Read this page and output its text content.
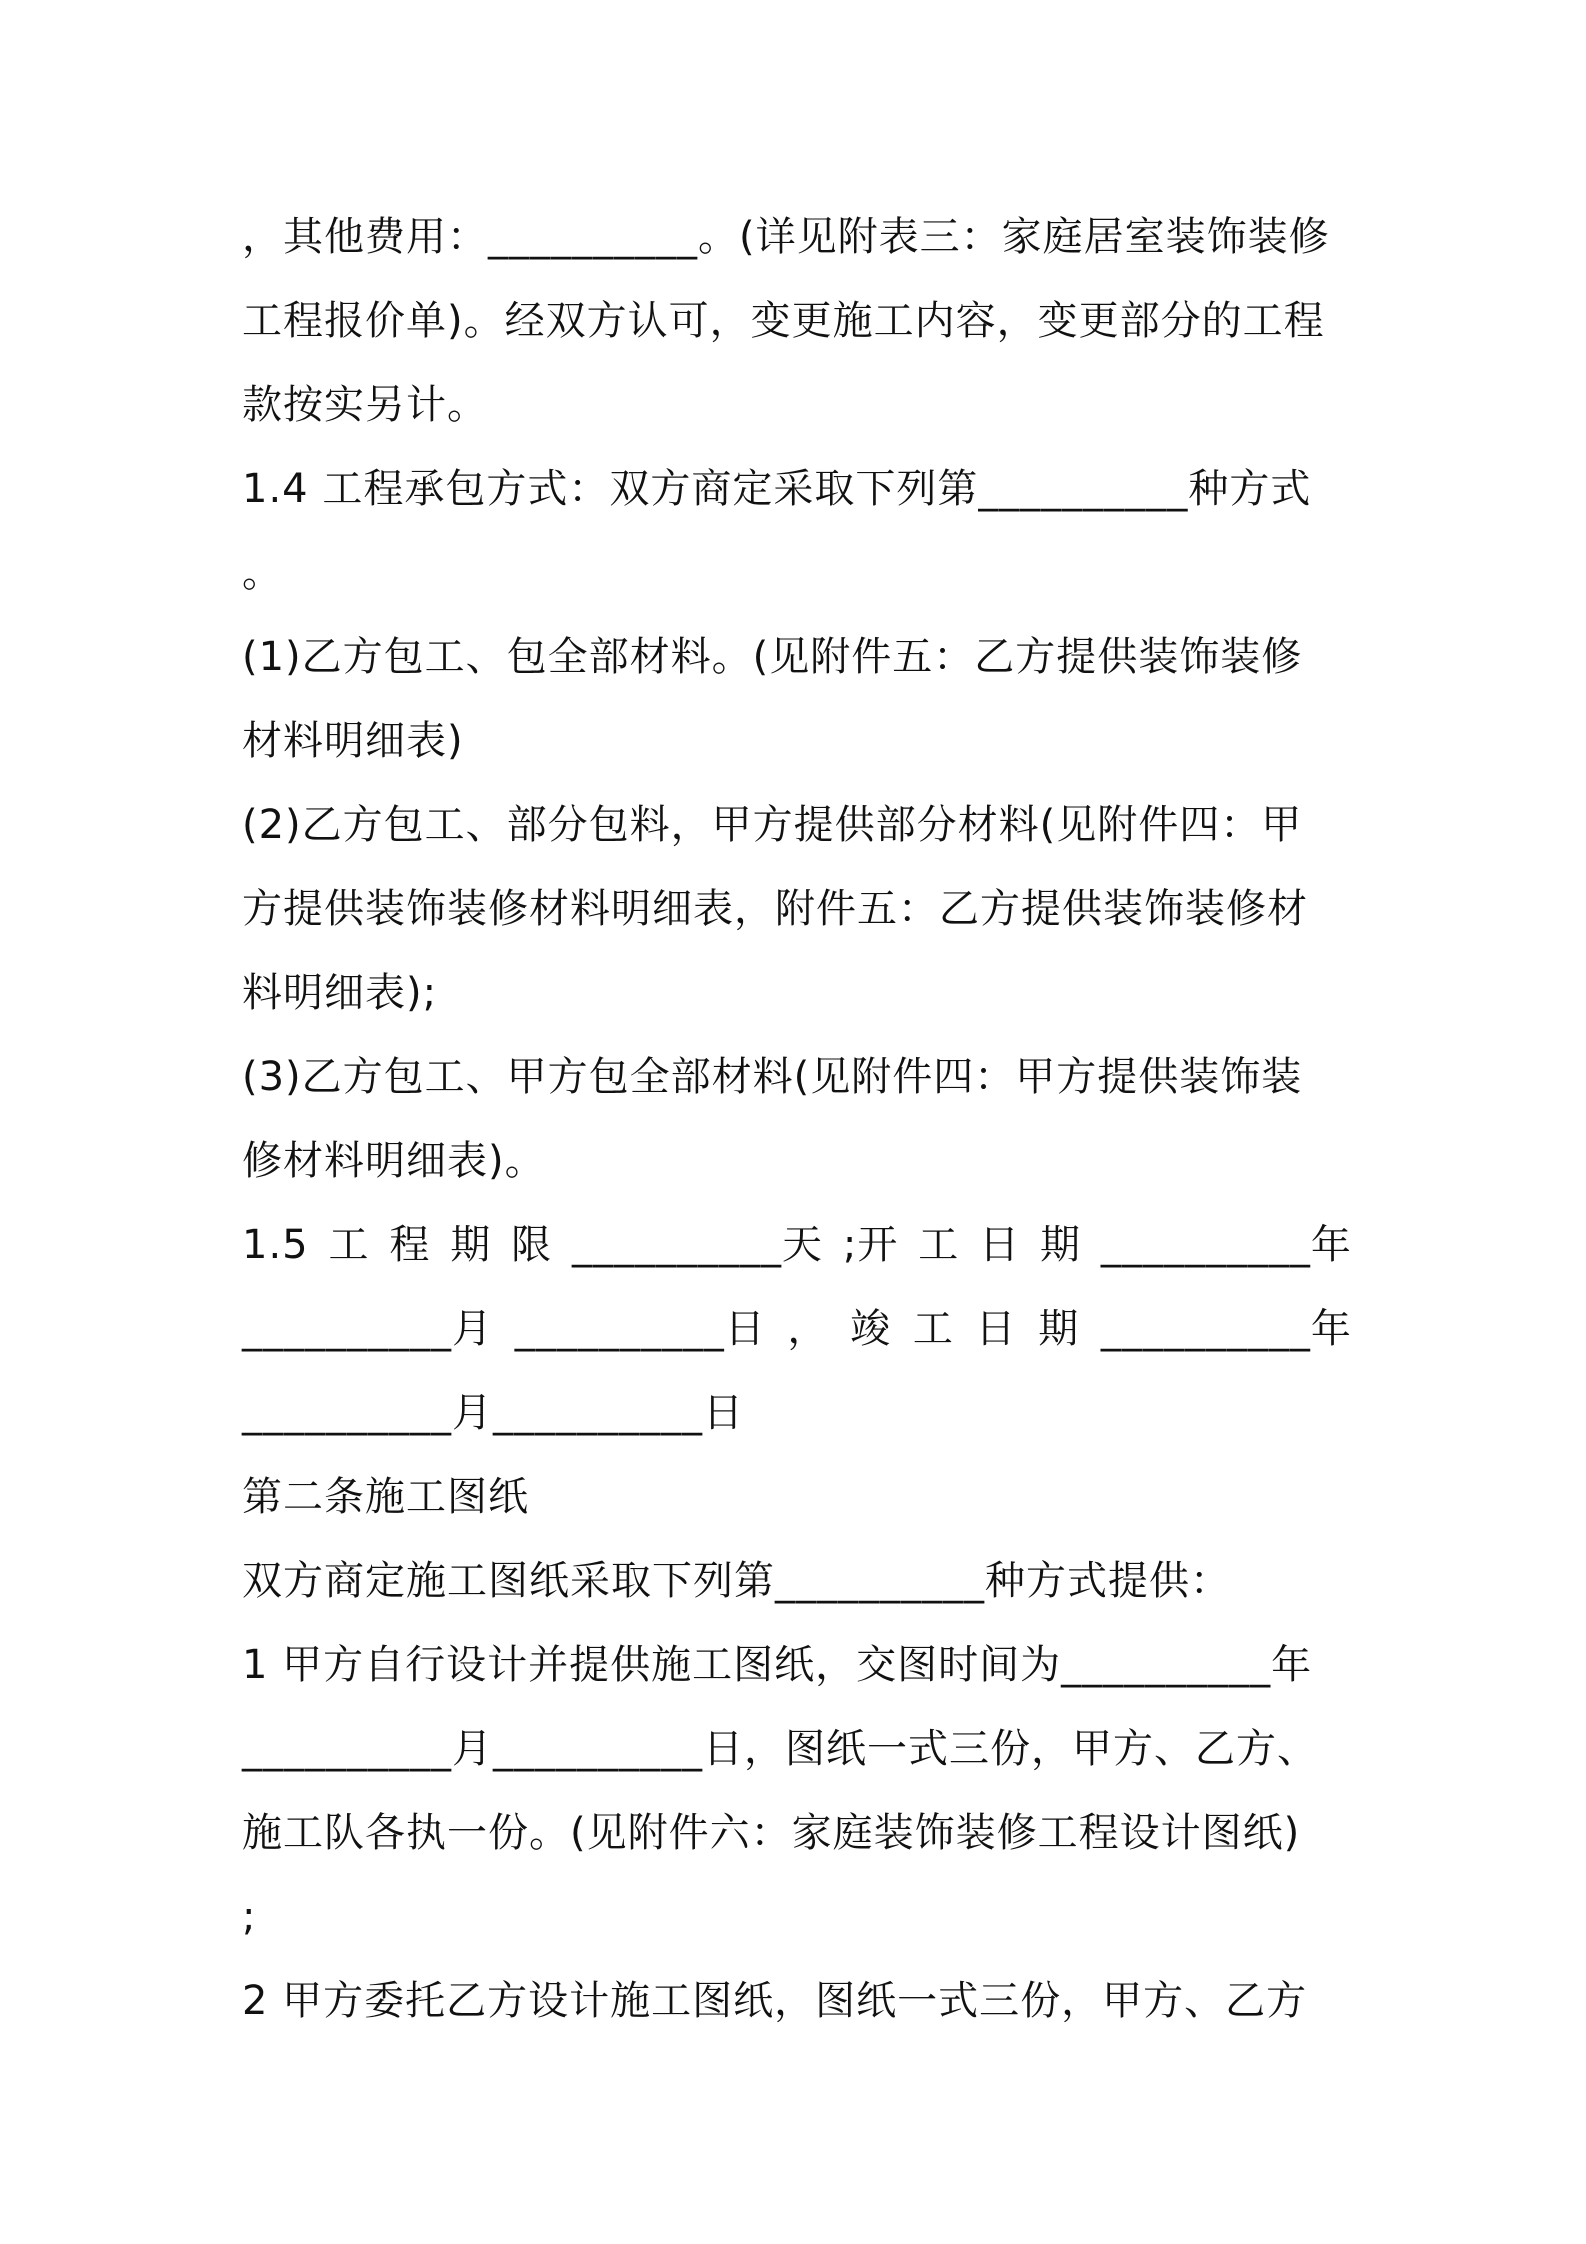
，其他费用：__________。(详见附表三：家庭居室装饰装修
工程报价单)。经双方认可，变更施工内容，变更部分的工程
款按实另计。
1.4 工程承包方式：双方商定采取下列第__________种方式
。
(1)乙方包工、包全部材料。(见附件五：乙方提供装饰装修
材料明细表)
(2)乙方包工、部分包料，甲方提供部分材料(见附件四：甲
方提供装饰装修材料明细表，附件五：乙方提供装饰装修材
料明细表);
(3)乙方包工、甲方包全部材料(见附件四：甲方提供装饰装
修材料明细表)。
1.5 工 程 期 限 __________天 ;开 工 日 期 __________年
__________月 __________日 ， 竣 工 日 期 __________年
__________月__________日
第二条施工图纸
双方商定施工图纸采取下列第__________种方式提供：
1 甲方自行设计并提供施工图纸，交图时间为__________年
__________月__________日，图纸一式三份，甲方、乙方、
施工队各执一份。(见附件六：家庭装饰装修工程设计图纸)
;
2 甲方委托乙方设计施工图纸，图纸一式三份，甲方、乙方
